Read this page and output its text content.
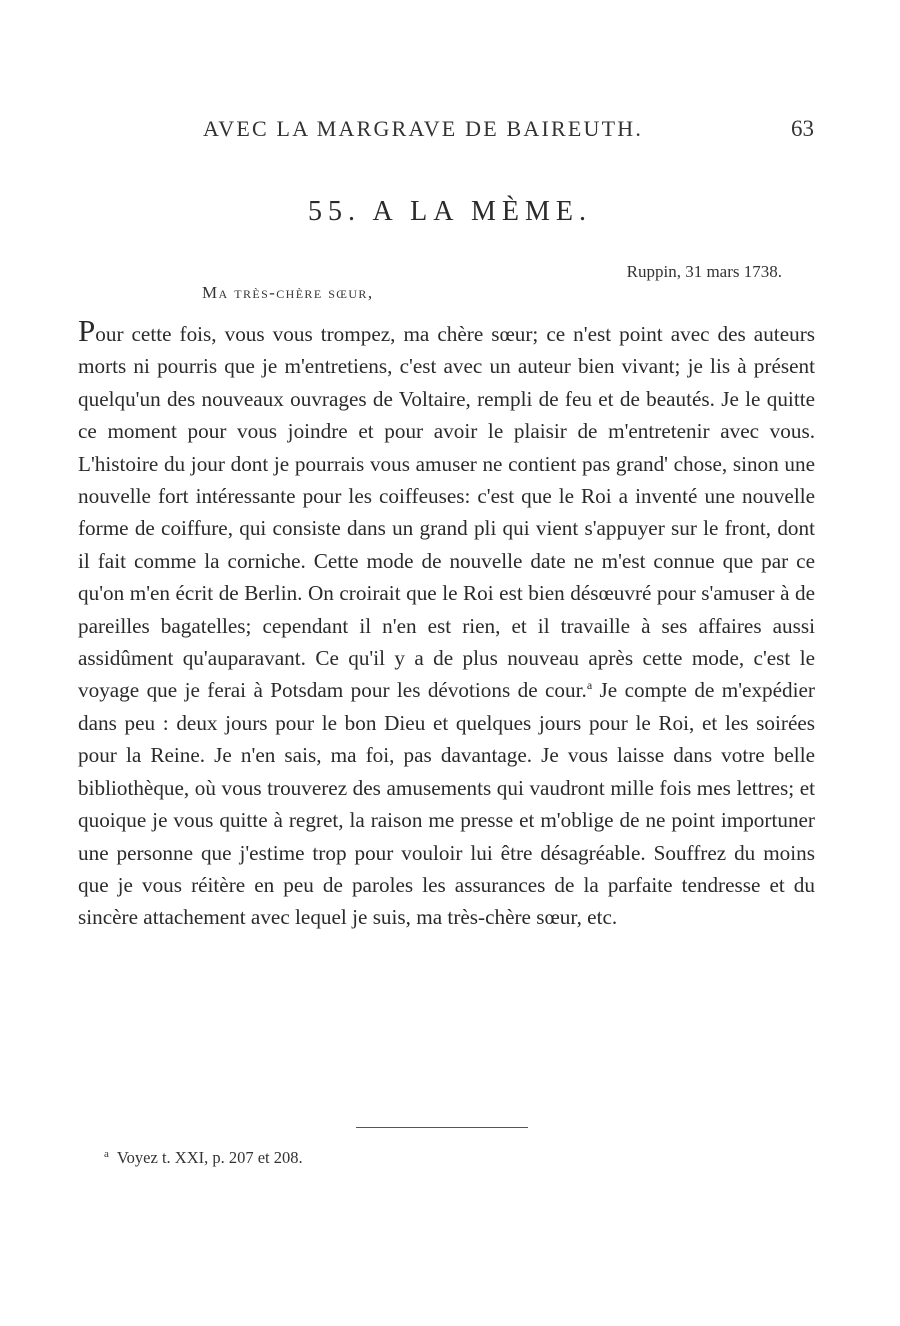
AVEC LA MARGRAVE DE BAIREUTH.	63
55. A LA MÈME.
Ruppin, 31 mars 1738.
Ma très-chère sœur,

Pour cette fois, vous vous trompez, ma chère sœur; ce n'est point avec des auteurs morts ni pourris que je m'entretiens, c'est avec un auteur bien vivant; je lis à présent quelqu'un des nouveaux ouvrages de Voltaire, rempli de feu et de beautés. Je le quitte ce moment pour vous joindre et pour avoir le plaisir de m'entretenir avec vous. L'histoire du jour dont je pourrais vous amuser ne contient pas grand' chose, sinon une nouvelle fort intéressante pour les coiffeuses: c'est que le Roi a inventé une nouvelle forme de coiffure, qui consiste dans un grand pli qui vient s'appuyer sur le front, dont il fait comme la corniche. Cette mode de nouvelle date ne m'est connue que par ce qu'on m'en écrit de Berlin. On croirait que le Roi est bien désœuvré pour s'amuser à de pareilles bagatelles; cependant il n'en est rien, et il travaille à ses affaires aussi assidûment qu'auparavant. Ce qu'il y a de plus nouveau après cette mode, c'est le voyage que je ferai à Potsdam pour les dévotions de cour.$^a$ Je compte de m'expédier dans peu : deux jours pour le bon Dieu et quelques jours pour le Roi, et les soirées pour la Reine. Je n'en sais, ma foi, pas davantage. Je vous laisse dans votre belle bibliothèque, où vous trouverez des amusements qui vaudront mille fois mes lettres; et quoique je vous quitte à regret, la raison me presse et m'oblige de ne point importuner une personne que j'estime trop pour vouloir lui être désagréable. Souffrez du moins que je vous réitère en peu de paroles les assurances de la parfaite tendresse et du sincère attachement avec lequel je suis, ma très-chère sœur, etc.

$^a$ Voyez t. XXI, p. 207 et 208.
